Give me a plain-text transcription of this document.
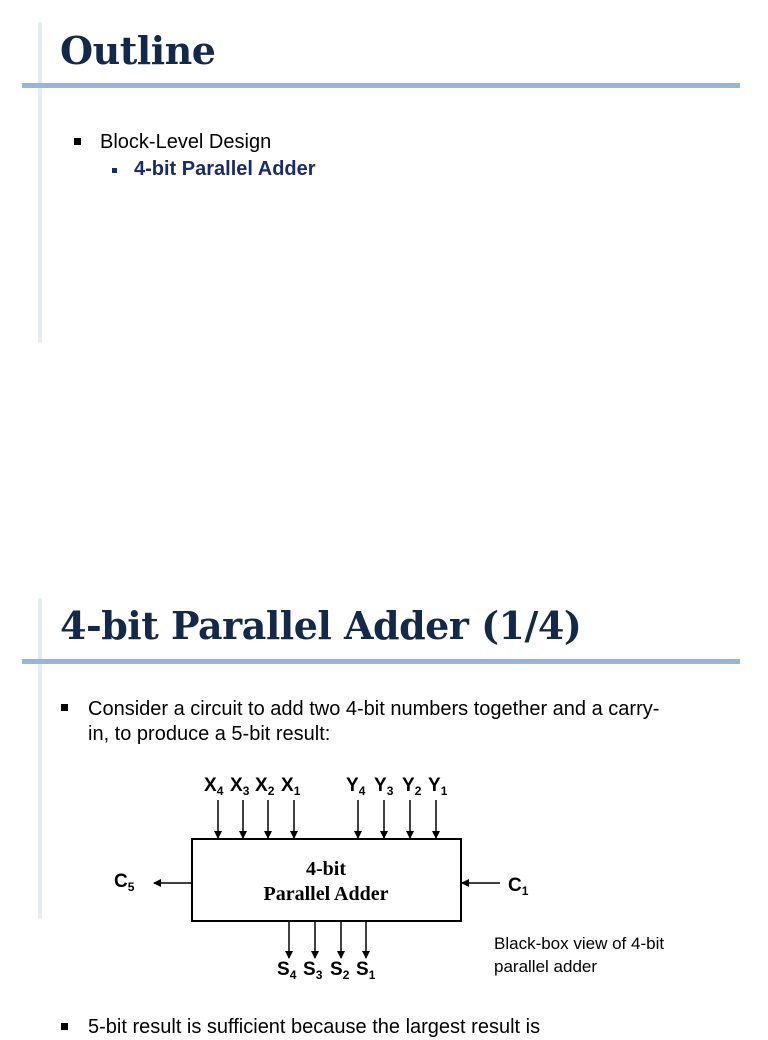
Outline
Block-Level Design
4-bit Parallel Adder
4-bit Parallel Adder (1/4)
Consider a circuit to add two 4-bit numbers together and a carry-
in, to produce a 5-bit result:
4-bit
Parallel Adder
$X_4$ $X_3$ $X_2$ $X_1$ $Y_4$ $Y_3$ $Y_2$ $Y_1$
$S_4$ $S_3$ $S_2$ $S_1$
$C_5$	$C_1$
Black-box view of 4-bit
parallel adder
5-bit result is sufficient because the largest result is
